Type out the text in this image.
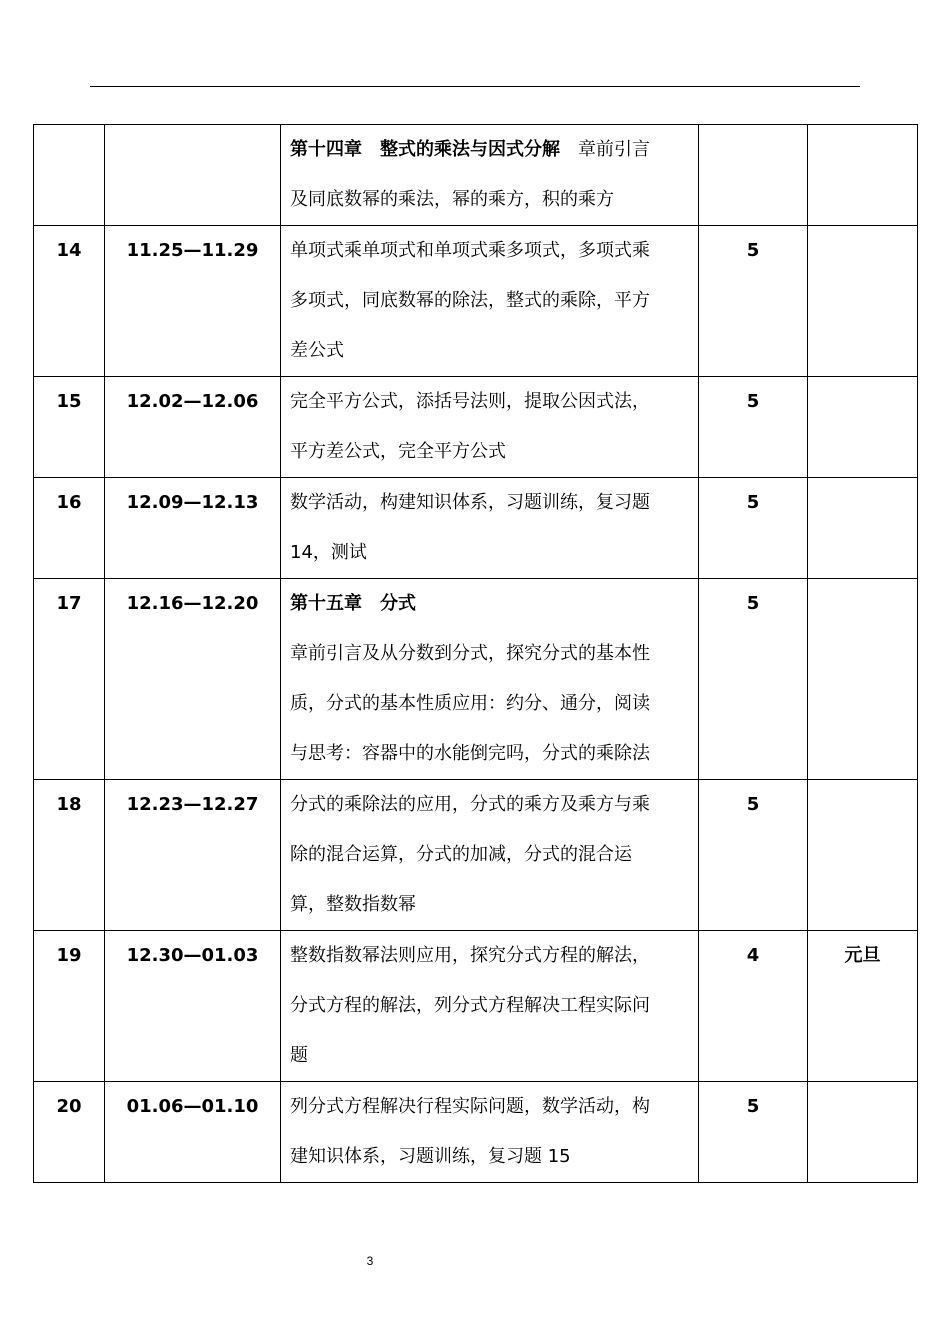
		第十四章　整式的乘法与因式分解　章前引言
及同底数幂的乘法，幂的乘方，积的乘方		

14	11.25—11.29	单项式乘单项式和单项式乘多项式，多项式乘
多项式，同底数幂的除法，整式的乘除，平方
差公式	5	
15	12.02—12.06	完全平方公式，添括号法则，提取公因式法，
平方差公式，完全平方公式	5	
16	12.09—12.13	数学活动，构建知识体系，习题训练，复习题
14，测试	5	
17	12.16—12.20	第十五章　分式
章前引言及从分数到分式，探究分式的基本性
质，分式的基本性质应用：约分、通分，阅读
与思考：容器中的水能倒完吗，分式的乘除法	5	
18	12.23—12.27	分式的乘除法的应用，分式的乘方及乘方与乘
除的混合运算，分式的加减，分式的混合运
算，整数指数幂	5	
19	12.30—01.03	整数指数幂法则应用，探究分式方程的解法，
分式方程的解法，列分式方程解决工程实际问
题	4	元旦
20	01.06—01.10	列分式方程解决行程实际问题，数学活动，构
建知识体系，习题训练，复习题 15	5	
3
